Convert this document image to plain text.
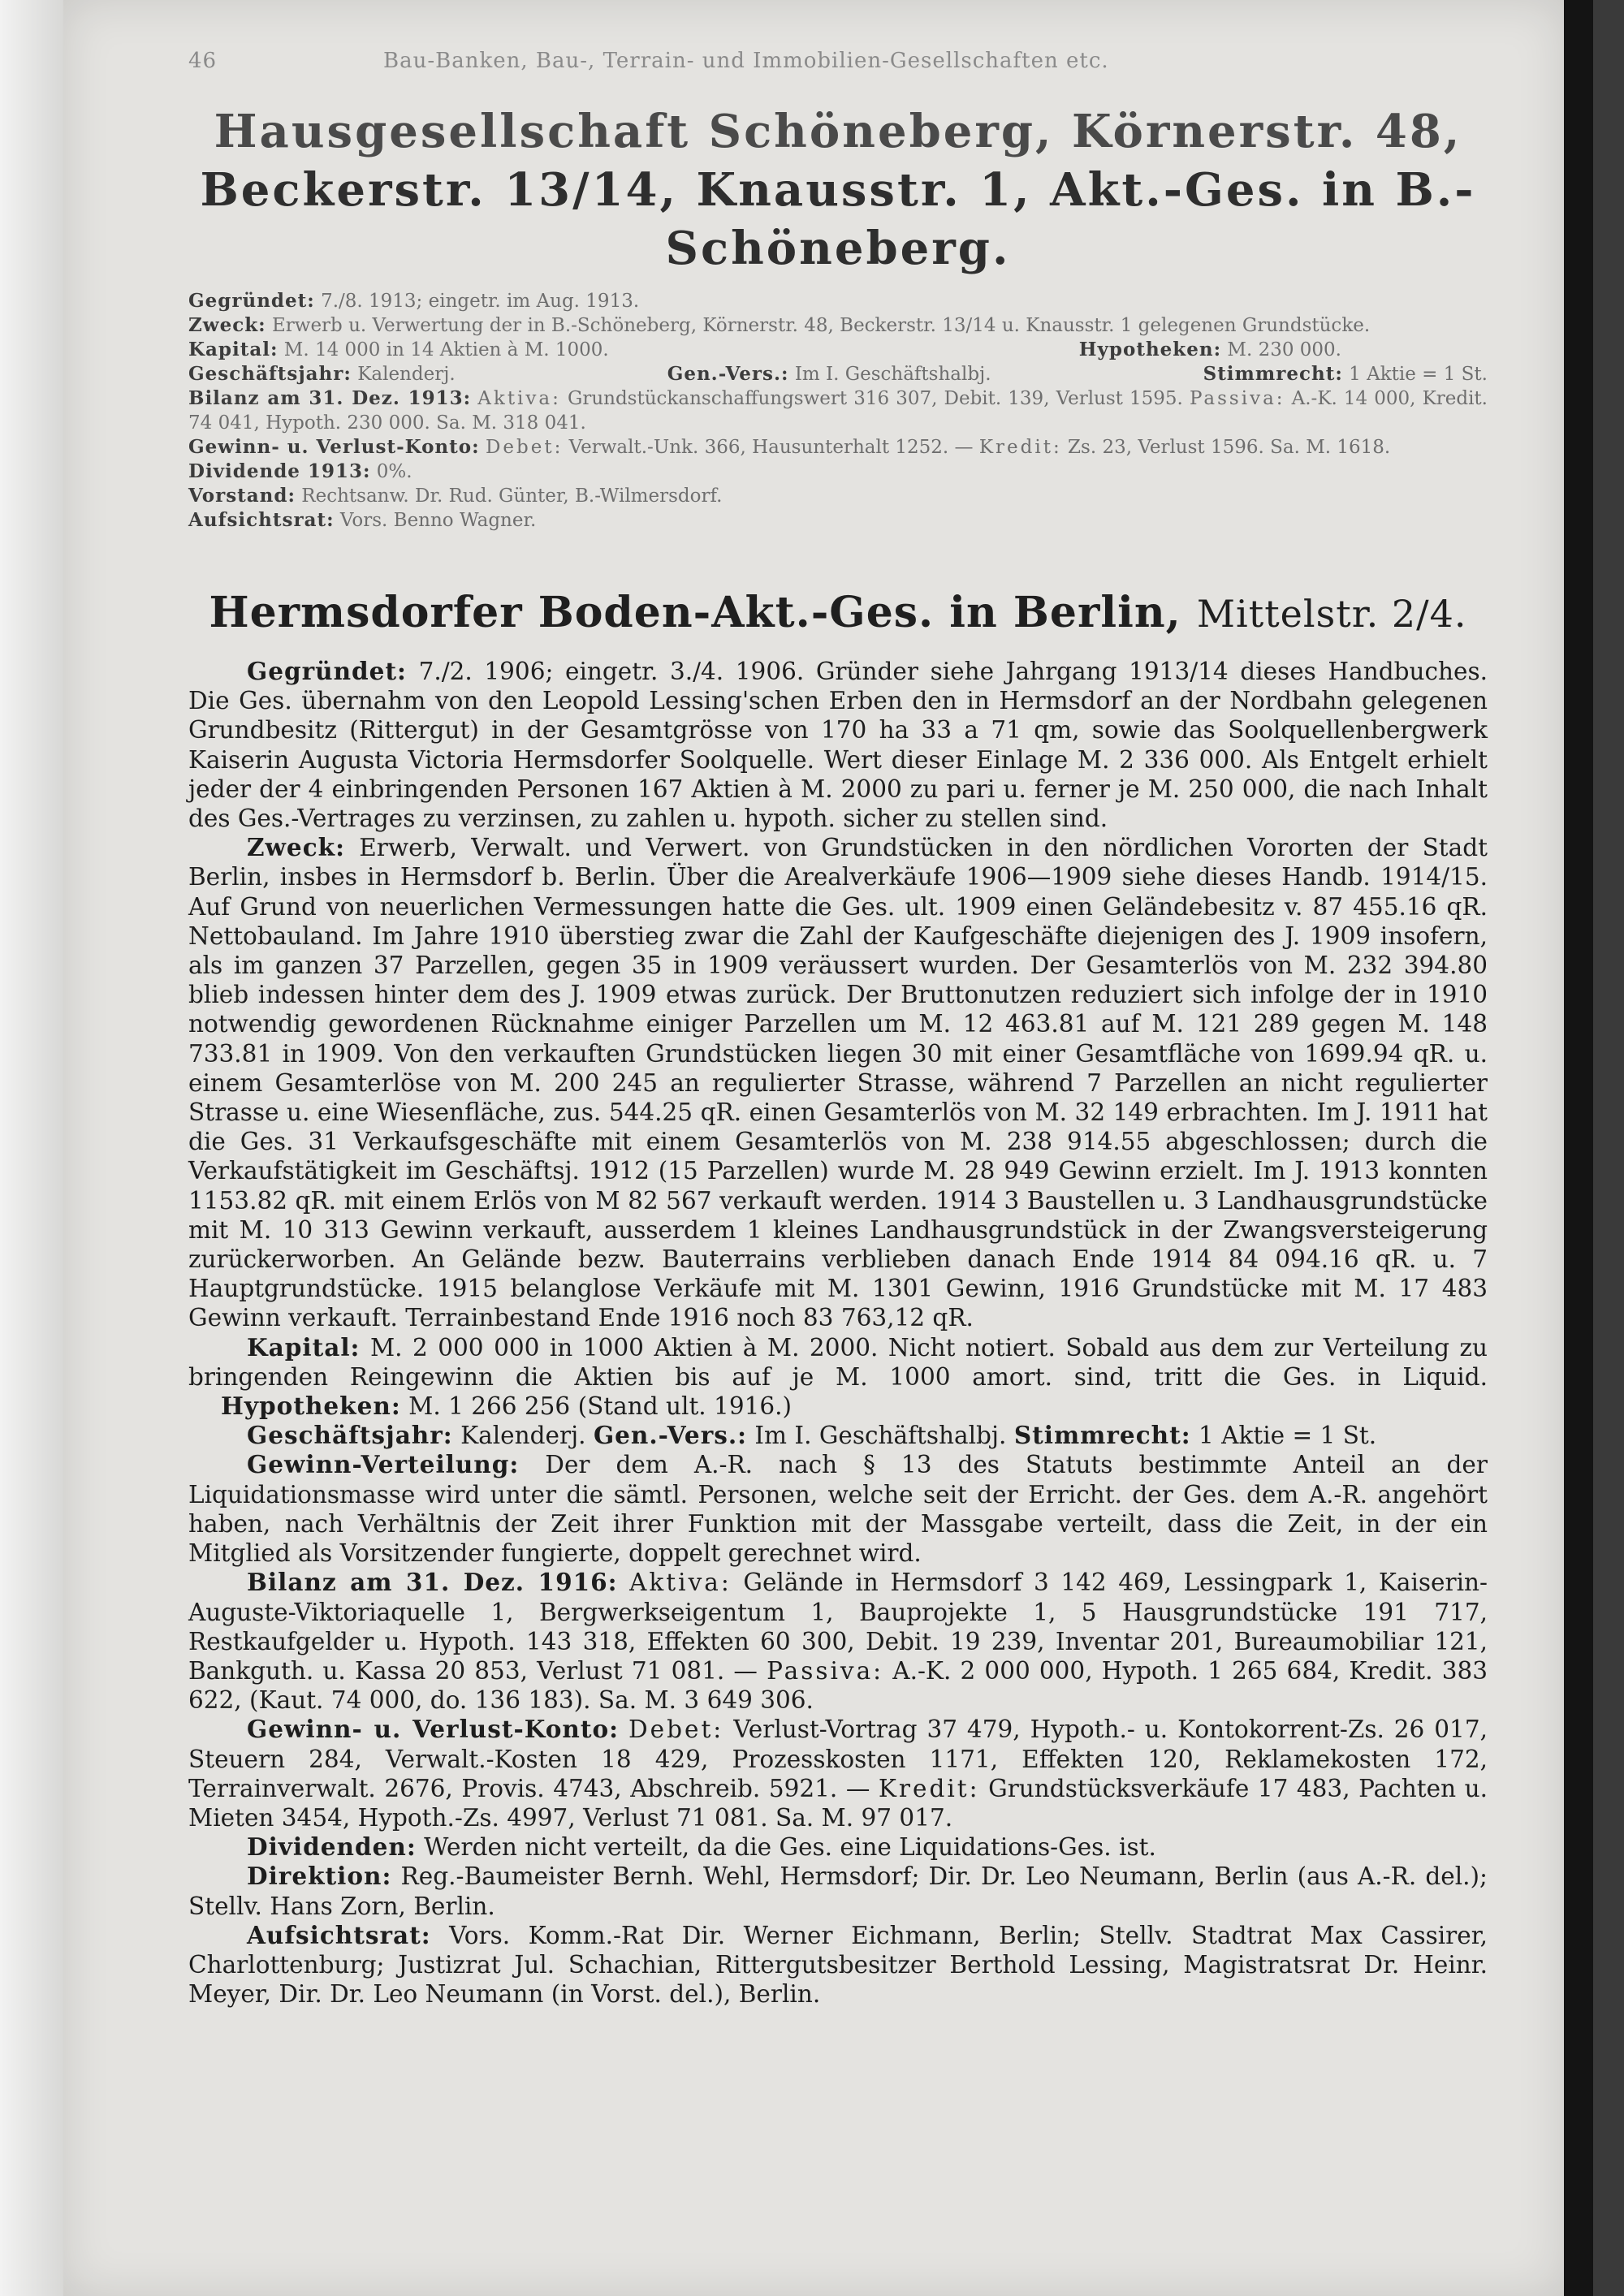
46	Bau-Banken, Bau-, Terrain- und Immobilien-Gesellschaften etc.
Hausgesellschaft Schöneberg, Körnerstr. 48,
Beckerstr. 13/14, Knausstr. 1, Akt.-Ges. in B.-Schöneberg.
Gegründet: 7./8. 1913; eingetr. im Aug. 1913.
Zweck: Erwerb u. Verwertung der in B.-Schöneberg, Körnerstr. 48, Beckerstr. 13/14 u. Knausstr. 1 gelegenen Grundstücke.
Kapital: M. 14 000 in 14 Aktien à M. 1000.	Hypotheken: M. 230 000.
Geschäftsjahr: Kalenderj.	Gen.-Vers.: Im I. Geschäftshalbj.	Stimmrecht: 1 Aktie = 1 St.
Bilanz am 31. Dez. 1913: Aktiva: Grundstückanschaffungswert 316 307, Debit. 139, Verlust 1595. Passiva: A.-K. 14 000, Kredit. 74 041, Hypoth. 230 000. Sa. M. 318 041.
Gewinn- u. Verlust-Konto: Debet: Verwalt.-Unk. 366, Hausunterhalt 1252. — Kredit: Zs. 23, Verlust 1596. Sa. M. 1618.
Dividende 1913: 0%.
Vorstand: Rechtsanw. Dr. Rud. Günter, B.-Wilmersdorf.
Aufsichtsrat: Vors. Benno Wagner.
Hermsdorfer Boden-Akt.-Ges. in Berlin, Mittelstr. 2/4.

Gegründet: 7./2. 1906; eingetr. 3./4. 1906. Gründer siehe Jahrgang 1913/14 dieses Handbuches. Die Ges. übernahm von den Leopold Lessing'schen Erben den in Hermsdorf an der Nordbahn gelegenen Grundbesitz (Rittergut) in der Gesamtgrösse von 170 ha 33 a 71 qm, sowie das Soolquellenbergwerk Kaiserin Augusta Victoria Hermsdorfer Soolquelle. Wert dieser Einlage M. 2 336 000. Als Entgelt erhielt jeder der 4 einbringenden Personen 167 Aktien à M. 2000 zu pari u. ferner je M. 250 000, die nach Inhalt des Ges.-Vertrages zu verzinsen, zu zahlen u. hypoth. sicher zu stellen sind.

Zweck: Erwerb, Verwalt. und Verwert. von Grundstücken in den nördlichen Vororten der Stadt Berlin, insbes in Hermsdorf b. Berlin. Über die Arealverkäufe 1906—1909 siehe dieses Handb. 1914/15. Auf Grund von neuerlichen Vermessungen hatte die Ges. ult. 1909 einen Geländebesitz v. 87 455.16 qR. Nettobauland. Im Jahre 1910 überstieg zwar die Zahl der Kaufgeschäfte diejenigen des J. 1909 insofern, als im ganzen 37 Parzellen, gegen 35 in 1909 veräussert wurden. Der Gesamterlös von M. 232 394.80 blieb indessen hinter dem des J. 1909 etwas zurück. Der Bruttonutzen reduziert sich infolge der in 1910 notwendig gewordenen Rücknahme einiger Parzellen um M. 12 463.81 auf M. 121 289 gegen M. 148 733.81 in 1909. Von den verkauften Grundstücken liegen 30 mit einer Gesamtfläche von 1699.94 qR. u. einem Gesamterlöse von M. 200 245 an regulierter Strasse, während 7 Parzellen an nicht regulierter Strasse u. eine Wiesenfläche, zus. 544.25 qR. einen Gesamterlös von M. 32 149 erbrachten. Im J. 1911 hat die Ges. 31 Verkaufsgeschäfte mit einem Gesamterlös von M. 238 914.55 abgeschlossen; durch die Verkaufstätigkeit im Geschäftsj. 1912 (15 Parzellen) wurde M. 28 949 Gewinn erzielt. Im J. 1913 konnten 1153.82 qR. mit einem Erlös von M 82 567 verkauft werden. 1914 3 Baustellen u. 3 Landhausgrundstücke mit M. 10 313 Gewinn verkauft, ausserdem 1 kleines Landhausgrundstück in der Zwangsversteigerung zurückerworben. An Gelände bezw. Bauterrains verblieben danach Ende 1914 84 094.16 qR. u. 7 Hauptgrundstücke. 1915 belanglose Verkäufe mit M. 1301 Gewinn, 1916 Grundstücke mit M. 17 483 Gewinn verkauft. Terrainbestand Ende 1916 noch 83 763,12 qR.

Kapital: M. 2 000 000 in 1000 Aktien à M. 2000. Nicht notiert. Sobald aus dem zur Verteilung zu bringenden Reingewinn die Aktien bis auf je M. 1000 amort. sind, tritt die Ges. in Liquid. Hypotheken: M. 1 266 256 (Stand ult. 1916.)

Geschäftsjahr: Kalenderj. Gen.-Vers.: Im I. Geschäftshalbj. Stimmrecht: 1 Aktie = 1 St.

Gewinn-Verteilung: Der dem A.-R. nach § 13 des Statuts bestimmte Anteil an der Liquidationsmasse wird unter die sämtl. Personen, welche seit der Erricht. der Ges. dem A.-R. angehört haben, nach Verhältnis der Zeit ihrer Funktion mit der Massgabe verteilt, dass die Zeit, in der ein Mitglied als Vorsitzender fungierte, doppelt gerechnet wird.

Bilanz am 31. Dez. 1916: Aktiva: Gelände in Hermsdorf 3 142 469, Lessingpark 1, Kaiserin-Auguste-Viktoriaquelle 1, Bergwerkseigentum 1, Bauprojekte 1, 5 Hausgrundstücke 191 717, Restkaufgelder u. Hypoth. 143 318, Effekten 60 300, Debit. 19 239, Inventar 201, Bureaumobiliar 121, Bankguth. u. Kassa 20 853, Verlust 71 081. — Passiva: A.-K. 2 000 000, Hypoth. 1 265 684, Kredit. 383 622, (Kaut. 74 000, do. 136 183). Sa. M. 3 649 306.

Gewinn- u. Verlust-Konto: Debet: Verlust-Vortrag 37 479, Hypoth.- u. Kontokorrent-Zs. 26 017, Steuern 284, Verwalt.-Kosten 18 429, Prozesskosten 1171, Effekten 120, Reklamekosten 172, Terrainverwalt. 2676, Provis. 4743, Abschreib. 5921. — Kredit: Grundstücksverkäufe 17 483, Pachten u. Mieten 3454, Hypoth.-Zs. 4997, Verlust 71 081. Sa. M. 97 017.

Dividenden: Werden nicht verteilt, da die Ges. eine Liquidations-Ges. ist.

Direktion: Reg.-Baumeister Bernh. Wehl, Hermsdorf; Dir. Dr. Leo Neumann, Berlin (aus A.-R. del.); Stellv. Hans Zorn, Berlin.

Aufsichtsrat: Vors. Komm.-Rat Dir. Werner Eichmann, Berlin; Stellv. Stadtrat Max Cassirer, Charlottenburg; Justizrat Jul. Schachian, Rittergutsbesitzer Berthold Lessing, Magistratsrat Dr. Heinr. Meyer, Dir. Dr. Leo Neumann (in Vorst. del.), Berlin.
